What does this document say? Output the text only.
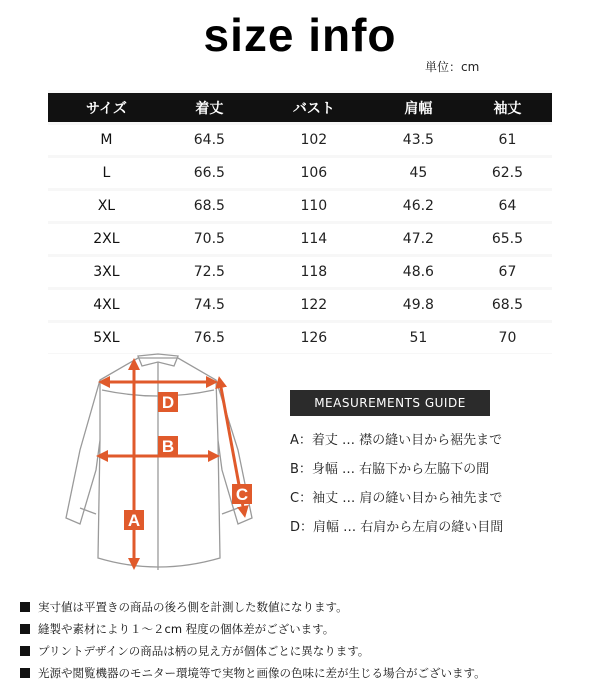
size info
単位：cm
サイズ	着丈	バスト	肩幅	袖丈
M	64.5	102	43.5	61
L	66.5	106	45	62.5
XL	68.5	110	46.2	64
2XL	70.5	114	47.2	65.5
3XL	72.5	118	48.6	67
4XL	74.5	122	49.8	68.5
5XL	76.5	126	51	70
D
B
A
C
MEASUREMENTS GUIDE
A：着丈 … 襟の縫い目から裾先まで
B：身幅 … 右脇下から左脇下の間
C：袖丈 … 肩の縫い目から袖先まで
D：肩幅 … 右肩から左肩の縫い目間
実寸値は平置きの商品の後ろ側を計測した数値になります。
縫製や素材により１～２cm 程度の個体差がございます。
プリントデザインの商品は柄の見え方が個体ごとに異なります。
光源や閲覧機器のモニター環境等で実物と画像の色味に差が生じる場合がございます。
